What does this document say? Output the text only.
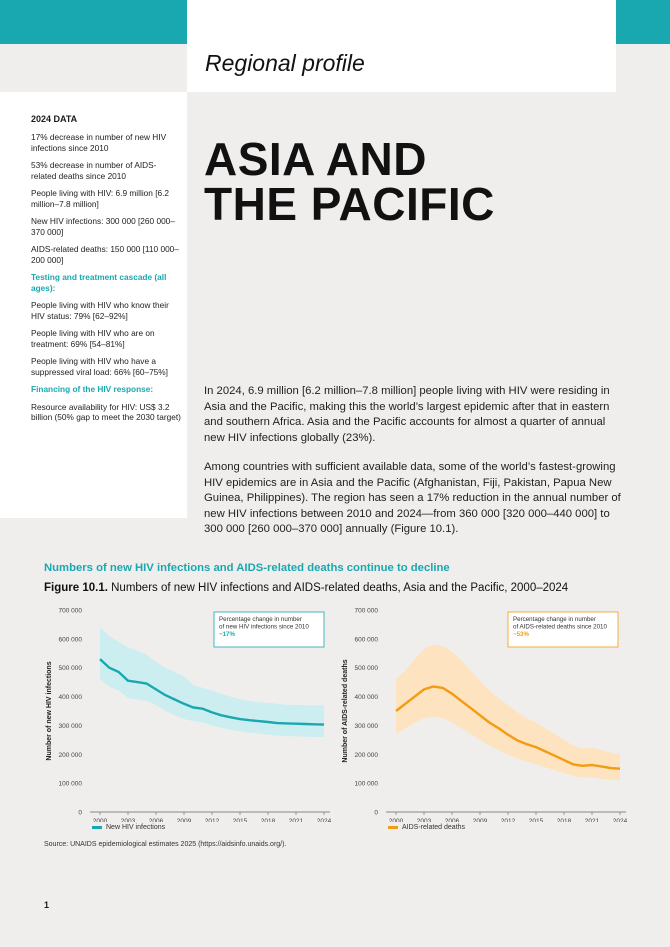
Regional profile
2024 DATA
17% decrease in number of new HIV infections since 2010
53% decrease in number of AIDS-related deaths since 2010
People living with HIV: 6.9 million [6.2 million–7.8 million]
New HIV infections: 300 000 [260 000–370 000]
AIDS-related deaths: 150 000 [110 000–200 000]
Testing and treatment cascade (all ages):
People living with HIV who know their HIV status: 79% [62–92%]
People living with HIV who are on treatment: 69% [54–81%]
People living with HIV who have a suppressed viral load: 66% [60–75%]
Financing of the HIV response:
Resource availability for HIV: US$ 3.2 billion (50% gap to meet the 2030 target)
ASIA AND
THE PACIFIC

In 2024, 6.9 million [6.2 million–7.8 million] people living with HIV were residing in Asia and the Pacific, making this the world’s largest epidemic after that in eastern and southern Africa. Asia and the Pacific accounts for almost a quarter of annual new HIV infections globally (23%).

Among countries with sufficient available data, some of the world’s fastest-growing HIV epidemics are in Asia and the Pacific (Afghanistan, Fiji, Pakistan, Papua New Guinea, Philippines). The region has seen a 17% reduction in the annual number of new HIV infections between 2010 and 2024—from 360 000 [320 000–440 000] to 300 000 [260 000–370 000] annually (Figure 10.1).

Numbers of new HIV infections and AIDS-related deaths continue to decline
Figure 10.1. Numbers of new HIV infections and AIDS-related deaths, Asia and the Pacific, 2000–2024
0
100 000
200 000
300 000
400 000
500 000
600 000
700 000
2000 2003 2006 2009 2012 2015 2018 2021 2024
Number of new HIV infections
Percentage change in number
of new HIV infections since 2010
−17%
0
100 000
200 000
300 000
400 000
500 000
600 000
700 000
2000 2003 2006 2009 2012 2015 2018 2021 2024
Number of AIDS-related deaths
Percentage change in number
of AIDS-related deaths since 2010
−53%
New HIV infections	AIDS-related deaths
Source: UNAIDS epidemiological estimates 2025 (https://aidsinfo.unaids.org/).
1
